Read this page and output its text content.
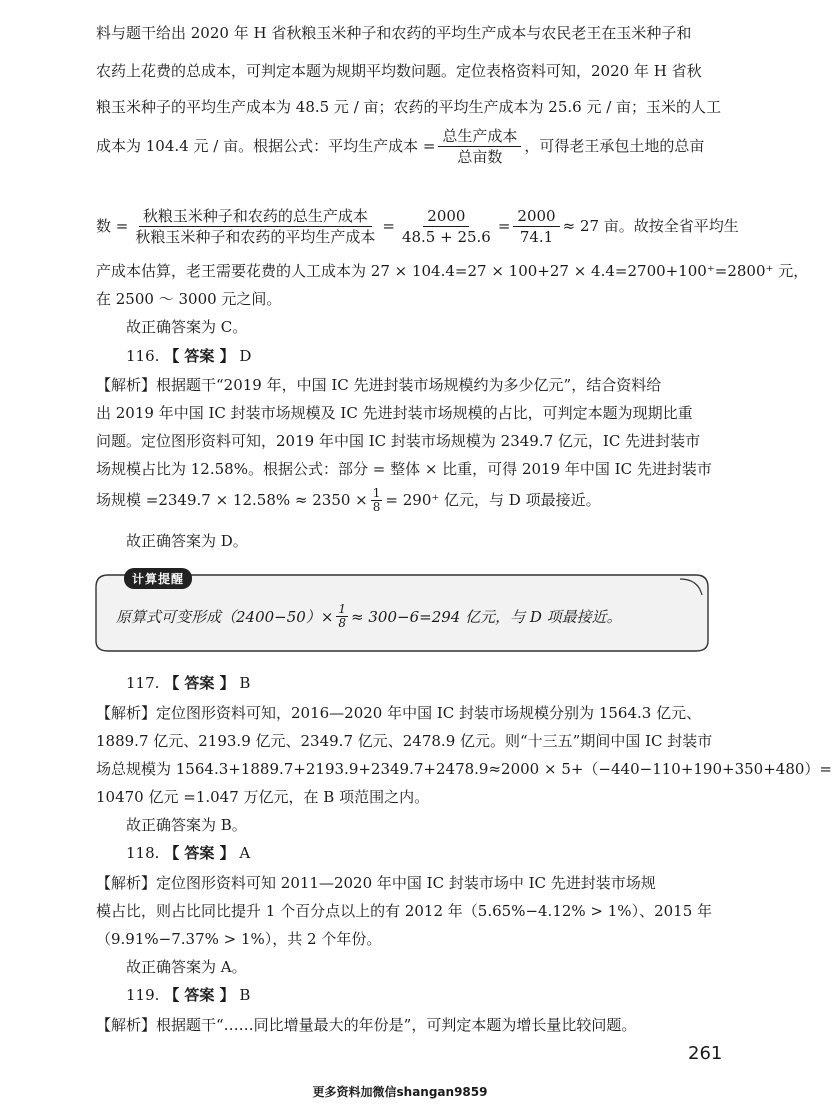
料与题干给出 2020 年 H 省秋粮玉米种子和农药的平均生产成本与农民老王在玉米种子和
农药上花费的总成本，可判定本题为规期平均数问题。定位表格资料可知，2020 年 H 省秋
粮玉米种子的平均生产成本为 48.5 元 / 亩；农药的平均生产成本为 25.6 元 / 亩；玉米的人工
成本为 104.4 元 / 亩。根据公式：平均生产成本 = $\frac{\text{总生产成本}}{\text{总亩数}}$ ，可得老王承包土地的总亩
数 = $\frac{\text{秋粮玉米种子和农药的总生产成本}}{\text{秋粮玉米种子和农药的平均生产成本}} = \frac{2000}{48.5 + 25.6} = \frac{2000}{74.1} \approx 27$ 亩。故按全省平均生
产成本估算，老王需要花费的人工成本为 27 × 104.4=27 × 100+27 × 4.4=2700+100⁺=2800⁺ 元，
在 2500 ～ 3000 元之间。
故正确答案为 C。
116. 【 答案 】 D
【解析】根据题干“2019 年，中国 IC 先进封装市场规模约为多少亿元”，结合资料给
出 2019 年中国 IC 封装市场规模及 IC 先进封装市场规模的占比，可判定本题为现期比重
问题。定位图形资料可知，2019 年中国 IC 封装市场规模为 2349.7 亿元，IC 先进封装市
场规模占比为 12.58%。根据公式：部分 = 整体 × 比重，可得 2019 年中国 IC 先进封装市
场规模 $=2349.7 \times 12.58\% \approx 2350 \times \frac{1}{8} = 290^+$ 亿元，与 D 项最接近。
故正确答案为 D。
计算提醒
原算式可变形成$(2400-50)\times \frac{1}{8} \approx 300-6=294$ 亿元，与 D 项最接近。
117. 【 答案 】 B
【解析】定位图形资料可知，2016—2020 年中国 IC 封装市场规模分别为 1564.3 亿元、
1889.7 亿元、2193.9 亿元、2349.7 亿元、2478.9 亿元。则“十三五”期间中国 IC 封装市
场总规模为 1564.3+1889.7+2193.9+2349.7+2478.9≈2000 × 5+（−440−110+190+350+480）=
10470 亿元 =1.047 万亿元，在 B 项范围之内。
故正确答案为 B。
118. 【 答案 】 A
【解析】定位图形资料可知 2011—2020 年中国 IC 封装市场中 IC 先进封装市场规
模占比，则占比同比提升 1 个百分点以上的有 2012 年（5.65%−4.12% > 1%）、2015 年
（9.91%−7.37% > 1%），共 2 个年份。
故正确答案为 A。
119. 【 答案 】 B
【解析】根据题干“……同比增量最大的年份是”，可判定本题为增长量比较问题。
261
更多资料加微信shangan9859
